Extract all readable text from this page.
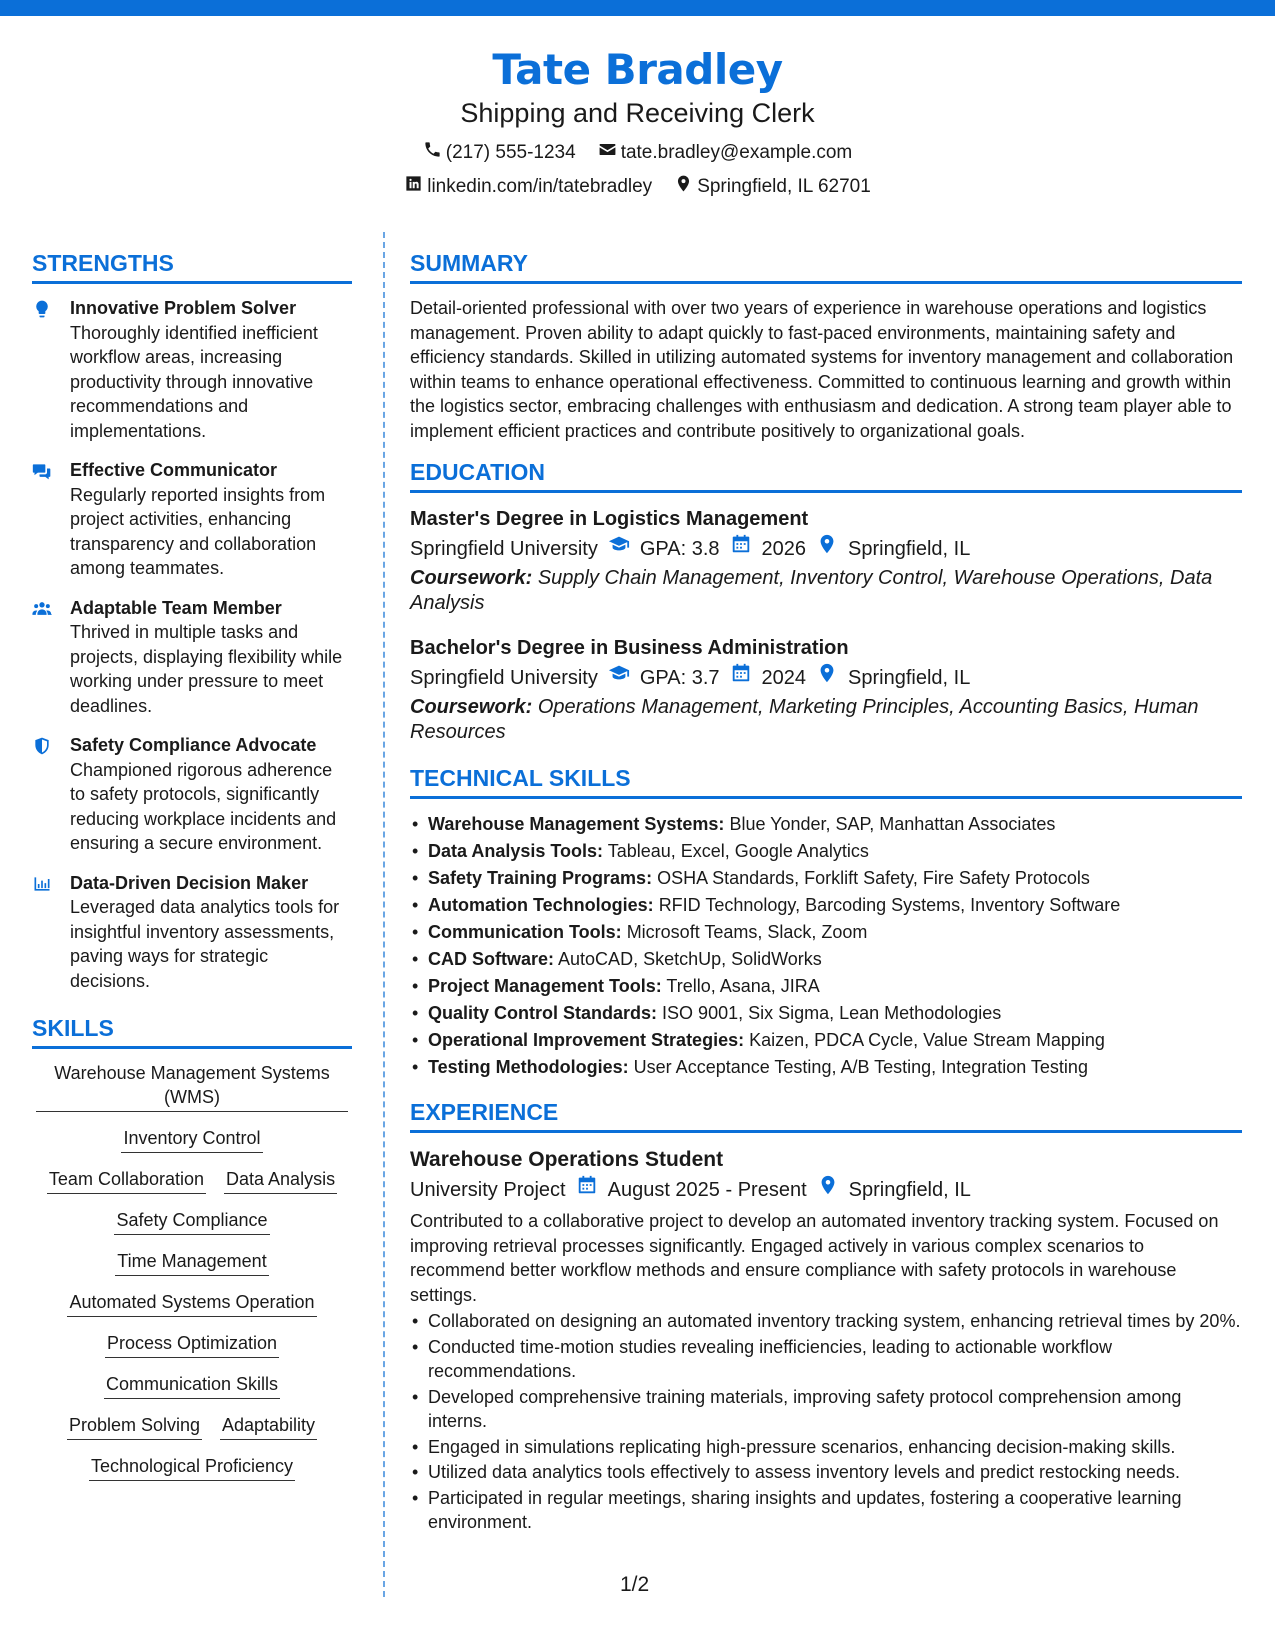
Tate Bradley
Shipping and Receiving Clerk
(217) 555-1234 tate.bradley@example.com
linkedin.com/in/tatebradley Springfield, IL 62701
STRENGTHS
Innovative Problem Solver
Thoroughly identified inefficient workflow areas, increasing productivity through innovative recommendations and implementations.
Effective Communicator
Regularly reported insights from project activities, enhancing transparency and collaboration among teammates.
Adaptable Team Member
Thrived in multiple tasks and projects, displaying flexibility while working under pressure to meet deadlines.
Safety Compliance Advocate
Championed rigorous adherence to safety protocols, significantly reducing workplace incidents and ensuring a secure environment.
Data-Driven Decision Maker
Leveraged data analytics tools for insightful inventory assessments, paving ways for strategic decisions.
SKILLS
Warehouse Management Systems (WMS)
Inventory Control
Team Collaboration Data Analysis
Safety Compliance
Time Management
Automated Systems Operation
Process Optimization
Communication Skills
Problem Solving Adaptability
Technological Proficiency
SUMMARY
Detail-oriented professional with over two years of experience in warehouse operations and logistics management. Proven ability to adapt quickly to fast-paced environments, maintaining safety and efficiency standards. Skilled in utilizing automated systems for inventory management and collaboration within teams to enhance operational effectiveness. Committed to continuous learning and growth within the logistics sector, embracing challenges with enthusiasm and dedication. A strong team player able to implement efficient practices and contribute positively to organizational goals.
EDUCATION
Master's Degree in Logistics Management
Springfield University GPA: 3.8 2026 Springfield, IL
Coursework: Supply Chain Management, Inventory Control, Warehouse Operations, Data Analysis
Bachelor's Degree in Business Administration
Springfield University GPA: 3.7 2024 Springfield, IL
Coursework: Operations Management, Marketing Principles, Accounting Basics, Human Resources
TECHNICAL SKILLS
• Warehouse Management Systems: Blue Yonder, SAP, Manhattan Associates
• Data Analysis Tools: Tableau, Excel, Google Analytics
• Safety Training Programs: OSHA Standards, Forklift Safety, Fire Safety Protocols
• Automation Technologies: RFID Technology, Barcoding Systems, Inventory Software
• Communication Tools: Microsoft Teams, Slack, Zoom
• CAD Software: AutoCAD, SketchUp, SolidWorks
• Project Management Tools: Trello, Asana, JIRA
• Quality Control Standards: ISO 9001, Six Sigma, Lean Methodologies
• Operational Improvement Strategies: Kaizen, PDCA Cycle, Value Stream Mapping
• Testing Methodologies: User Acceptance Testing, A/B Testing, Integration Testing
EXPERIENCE
Warehouse Operations Student
University Project August 2025 - Present Springfield, IL
Contributed to a collaborative project to develop an automated inventory tracking system. Focused on improving retrieval processes significantly. Engaged actively in various complex scenarios to recommend better workflow methods and ensure compliance with safety protocols in warehouse settings.
• Collaborated on designing an automated inventory tracking system, enhancing retrieval times by 20%.
• Conducted time-motion studies revealing inefficiencies, leading to actionable workflow recommendations.
• Developed comprehensive training materials, improving safety protocol comprehension among interns.
• Engaged in simulations replicating high-pressure scenarios, enhancing decision-making skills.
• Utilized data analytics tools effectively to assess inventory levels and predict restocking needs.
• Participated in regular meetings, sharing insights and updates, fostering a cooperative learning environment.
1/2
